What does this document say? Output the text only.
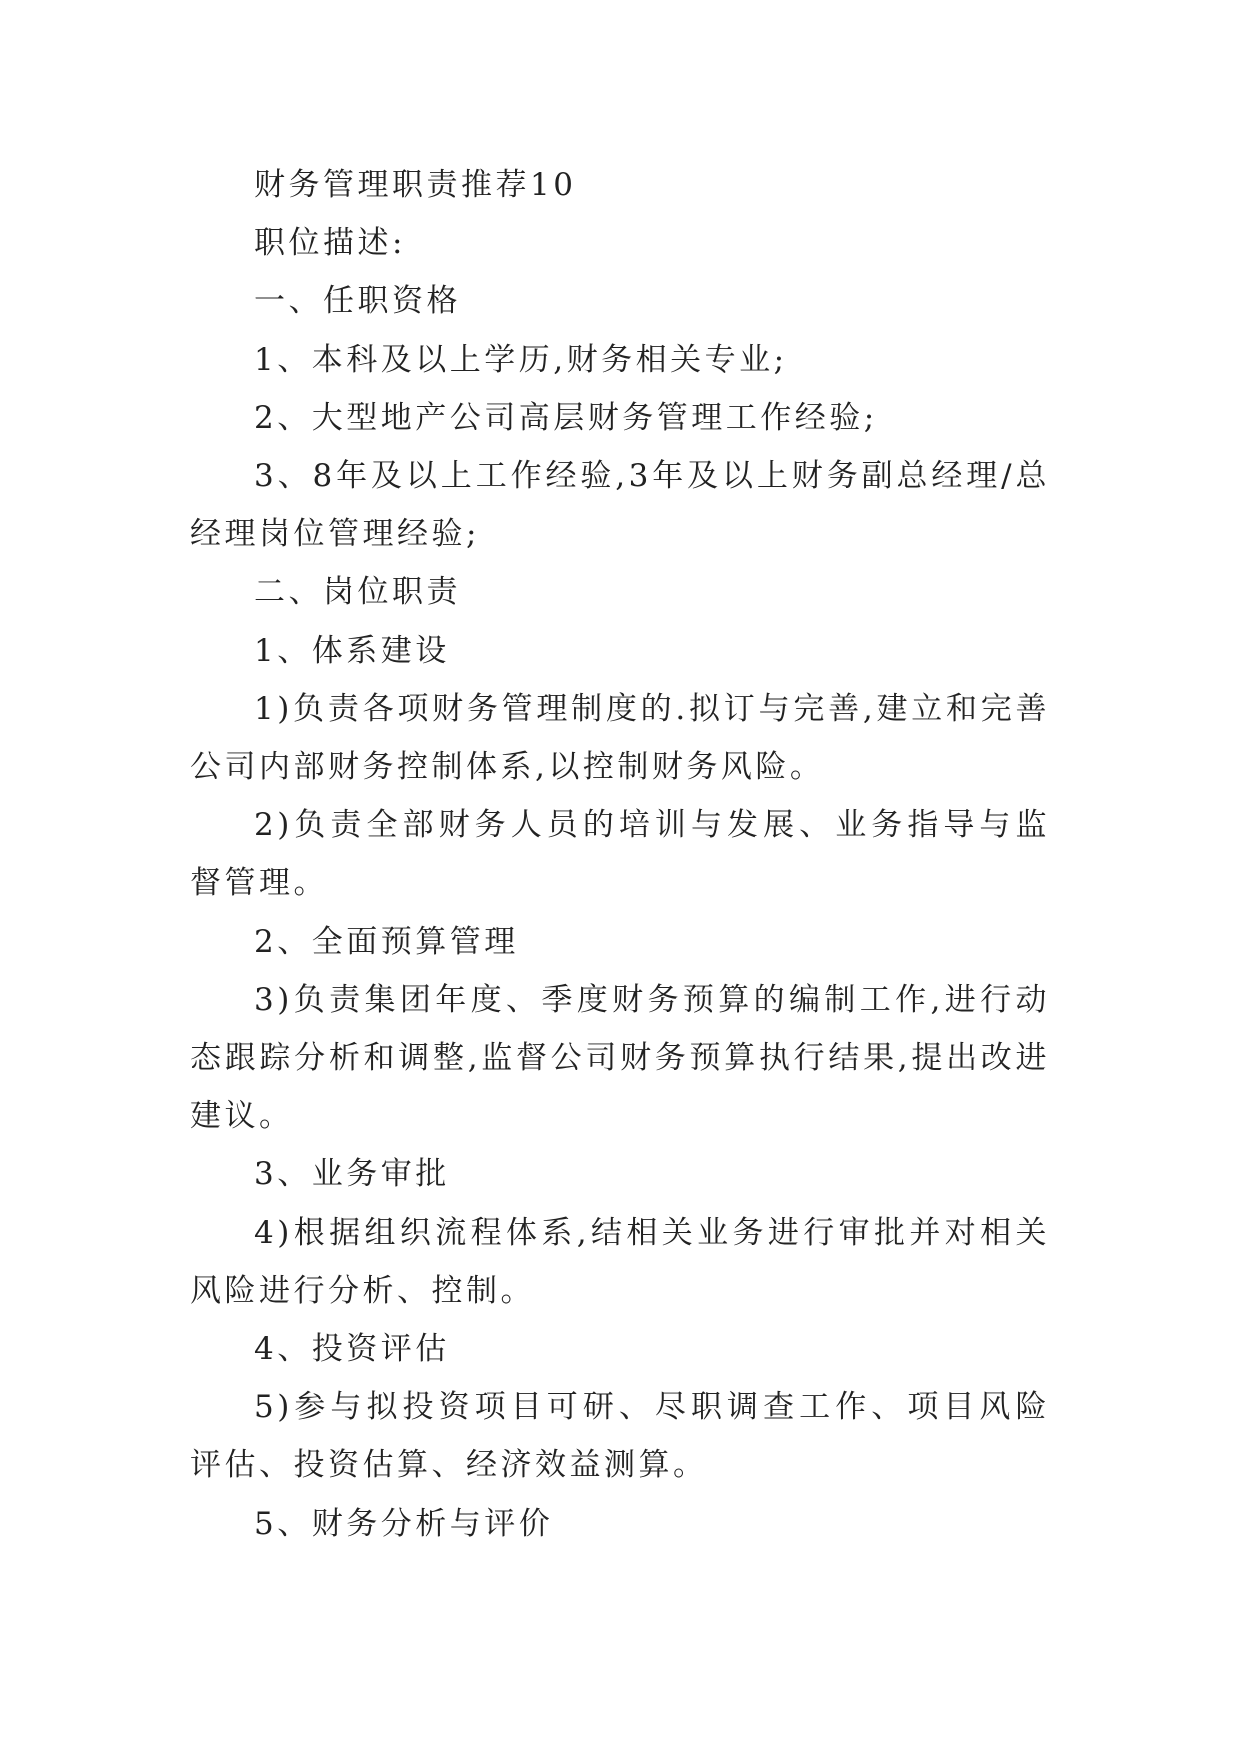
财务管理职责推荐10

职位描述:

一、任职资格

1、本科及以上学历,财务相关专业;

2、大型地产公司高层财务管理工作经验;

3、8年及以上工作经验,3年及以上财务副总经理/总经理岗位管理经验;

二、岗位职责

1、体系建设

1)负责各项财务管理制度的.拟订与完善,建立和完善公司内部财务控制体系,以控制财务风险。

2)负责全部财务人员的培训与发展、业务指导与监督管理。

2、全面预算管理

3)负责集团年度、季度财务预算的编制工作,进行动态跟踪分析和调整,监督公司财务预算执行结果,提出改进建议。

3、业务审批

4)根据组织流程体系,结相关业务进行审批并对相关风险进行分析、控制。

4、投资评估

5)参与拟投资项目可研、尽职调查工作、项目风险评估、投资估算、经济效益测算。

5、财务分析与评价
